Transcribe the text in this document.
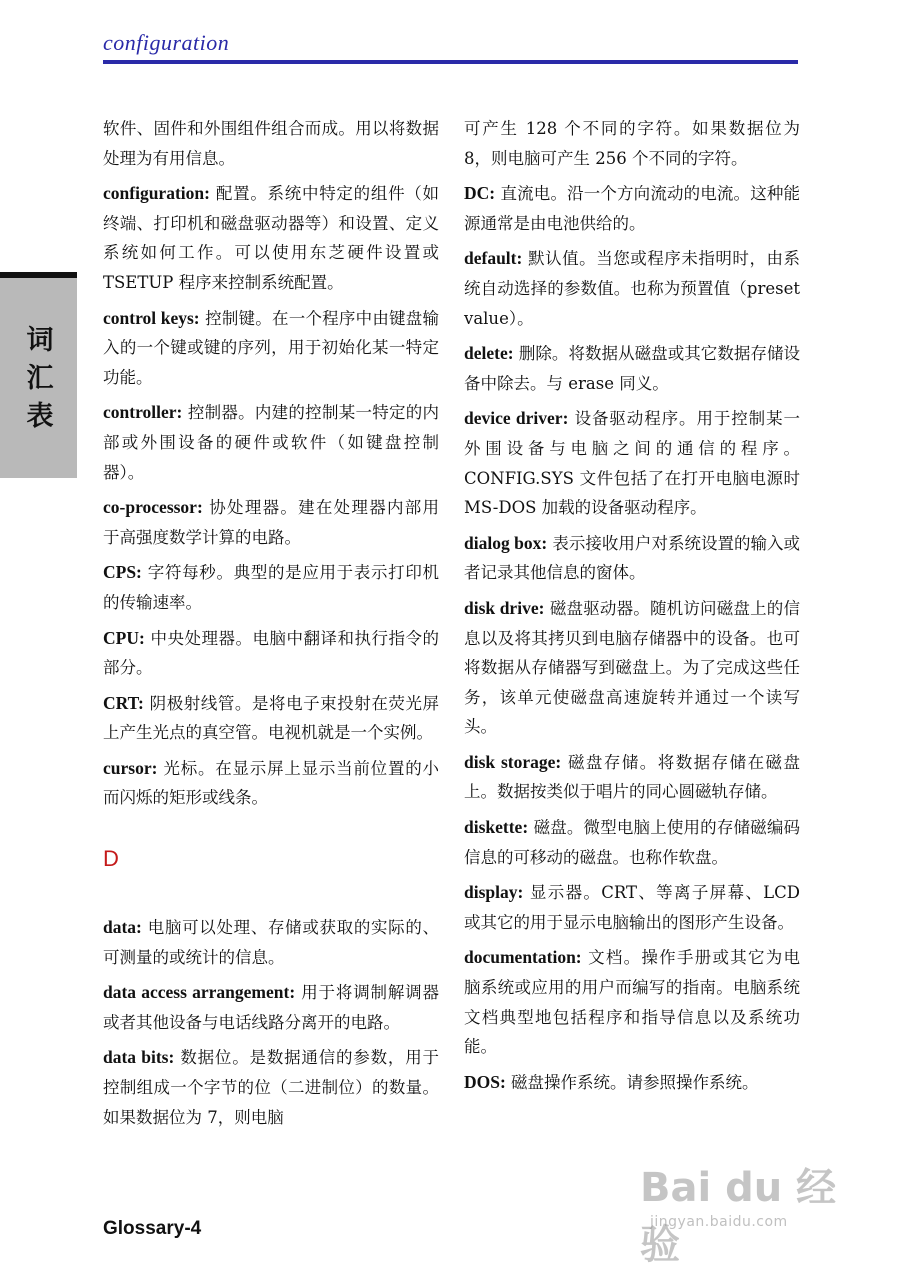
configuration
词
汇
表

软件、固件和外围组件组合而成。用以将数据处理为有用信息。

configuration: 配置。系统中特定的组件（如终端、打印机和磁盘驱动器等）和设置、定义系统如何工作。可以使用东芝硬件设置或 TSETUP 程序来控制系统配置。

control keys: 控制键。在一个程序中由键盘输入的一个键或键的序列，用于初始化某一特定功能。

controller: 控制器。内建的控制某一特定的内部或外围设备的硬件或软件（如键盘控制器）。

co-processor: 协处理器。建在处理器内部用于高强度数学计算的电路。

CPS: 字符每秒。典型的是应用于表示打印机的传输速率。

CPU: 中央处理器。电脑中翻译和执行指令的部分。

CRT: 阴极射线管。是将电子束投射在荧光屏上产生光点的真空管。电视机就是一个实例。

cursor: 光标。在显示屏上显示当前位置的小而闪烁的矩形或线条。

D

data: 电脑可以处理、存储或获取的实际的、可测量的或统计的信息。

data access arrangement: 用于将调制解调器或者其他设备与电话线路分离开的电路。

data bits: 数据位。是数据通信的参数，用于控制组成一个字节的位（二进制位）的数量。如果数据位为 7，则电脑

可产生 128 个不同的字符。如果数据位为 8，则电脑可产生 256 个不同的字符。

DC: 直流电。沿一个方向流动的电流。这种能源通常是由电池供给的。

default: 默认值。当您或程序未指明时，由系统自动选择的参数值。也称为预置值（preset value）。

delete: 删除。将数据从磁盘或其它数据存储设备中除去。与 erase 同义。

device driver: 设备驱动程序。用于控制某一外围设备与电脑之间的通信的程序。CONFIG.SYS 文件包括了在打开电脑电源时 MS-DOS 加载的设备驱动程序。

dialog box: 表示接收用户对系统设置的输入或者记录其他信息的窗体。

disk drive: 磁盘驱动器。随机访问磁盘上的信息以及将其拷贝到电脑存储器中的设备。也可将数据从存储器写到磁盘上。为了完成这些任务，该单元使磁盘高速旋转并通过一个读写头。

disk storage: 磁盘存储。将数据存储在磁盘上。数据按类似于唱片的同心圆磁轨存储。

diskette: 磁盘。微型电脑上使用的存储磁编码信息的可移动的磁盘。也称作软盘。

display: 显示器。CRT、等离子屏幕、LCD 或其它的用于显示电脑输出的图形产生设备。

documentation: 文档。操作手册或其它为电脑系统或应用的用户而编写的指南。电脑系统文档典型地包括程序和指导信息以及系统功能。

DOS: 磁盘操作系统。请参照操作系统。

Glossary-4
Bai du 经验
jingyan.baidu.com
